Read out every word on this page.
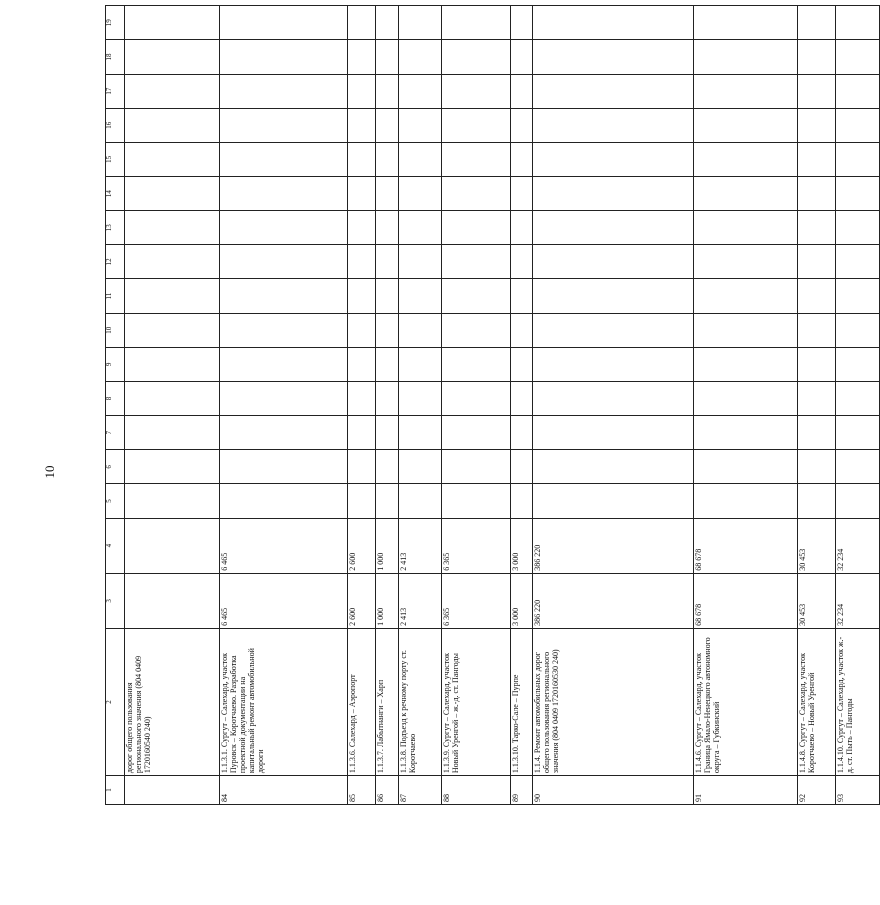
10
1	2	3	4	5	6	7	8	9	10	11	12	13	14	15	16	17	18	19
	дорог общего пользования регионального значения (804 0409 1720160540 240)																	
84	1.1.3.1. Сургут – Салехард, участок Пуровск – Коротчаево. Разработка проектной документации на капитальный ремонт автомобильной дороги	6 465	6 465															
85	1.1.3.6. Салехард – Аэропорт	2 600	2 600															
86	1.1.3.7. Лабытнанги – Харп	1 000	1 000															
87	1.1.3.8. Подъезд к речному порту ст. Коротчаево	2 413	2 413															
88	1.1.3.9. Сургут – Салехард, участок Новый Уренгой – ж.-д. ст. Пангоды	6 365	6 365															
89	1.1.3.10. Тарко-Сале – Пурпе	3 000	3 000															
90	1.1.4. Ремонт автомобильных дорог общего пользования регионального значения (804 0409 1720160530 240)	386 220	386 220															
91	1.1.4.6. Сургут – Салехард, участок Граница Ямало-Ненецкого автономного округа – Губкинский	68 678	68 678															
92	1.1.4.8. Сургут – Салехард, участок Коротчаево – Новый Уренгой	30 453	30 453															
93	1.1.4.10. Сургут – Салехард, участок ж.-д. ст. Пыть – Пангоды	32 234	32 234															
